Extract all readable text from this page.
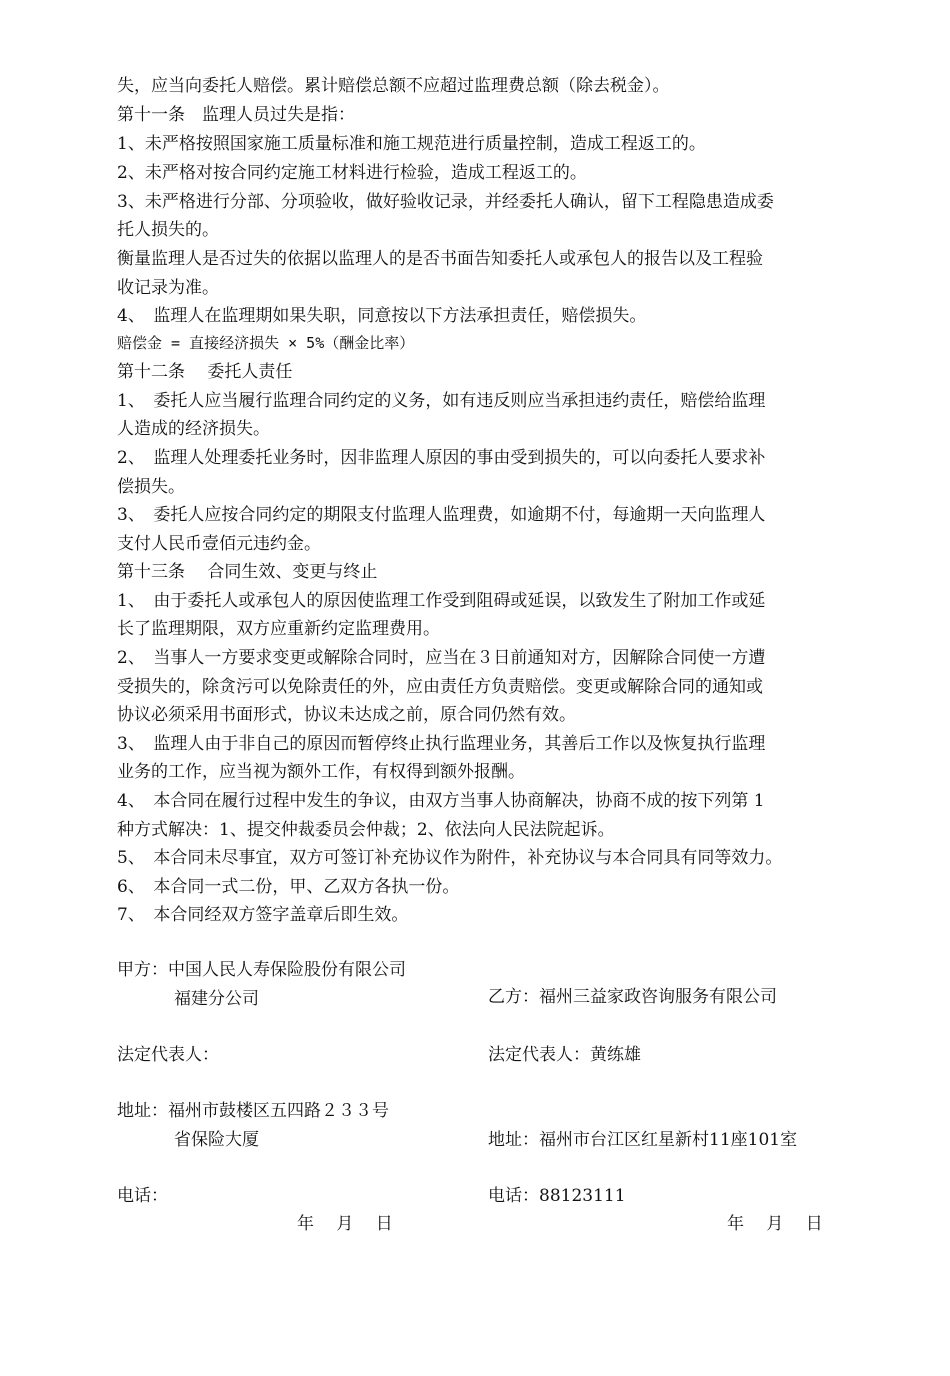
失，应当向委托人赔偿。累计赔偿总额不应超过监理费总额（除去税金）。
第十一条　监理人员过失是指：
1、未严格按照国家施工质量标准和施工规范进行质量控制，造成工程返工的。
2、未严格对按合同约定施工材料进行检验，造成工程返工的。
3、未严格进行分部、分项验收，做好验收记录，并经委托人确认，留下工程隐患造成委
托人损失的。
衡量监理人是否过失的依据以监理人的是否书面告知委托人或承包人的报告以及工程验
收记录为准。
4、　监理人在监理期如果失职，同意按以下方法承担责任，赔偿损失。
赔偿金 = 直接经济损失 × 5%（酬金比率）
第十二条　 委托人责任
1、　委托人应当履行监理合同约定的义务，如有违反则应当承担违约责任，赔偿给监理
人造成的经济损失。
2、　监理人处理委托业务时，因非监理人原因的事由受到损失的，可以向委托人要求补
偿损失。
3、　委托人应按合同约定的期限支付监理人监理费，如逾期不付，每逾期一天向监理人
支付人民币壹佰元违约金。
第十三条　 合同生效、变更与终止
1、　由于委托人或承包人的原因使监理工作受到阻碍或延误，以致发生了附加工作或延
长了监理期限，双方应重新约定监理费用。
2、　当事人一方要求变更或解除合同时，应当在３日前通知对方，因解除合同使一方遭
受损失的，除贪污可以免除责任的外，应由责任方负责赔偿。变更或解除合同的通知或
协议必须采用书面形式，协议未达成之前，原合同仍然有效。
3、　监理人由于非自己的原因而暂停终止执行监理业务，其善后工作以及恢复执行监理
业务的工作，应当视为额外工作，有权得到额外报酬。
4、　本合同在履行过程中发生的争议，由双方当事人协商解决，协商不成的按下列第 1
种方式解决：1、提交仲裁委员会仲裁；2、依法向人民法院起诉。
5、　本合同未尽事宜，双方可签订补充协议作为附件，补充协议与本合同具有同等效力。
6、　本合同一式二份，甲、乙双方各执一份。
7、　本合同经双方签字盖章后即生效。
甲方：中国人民人寿保险股份有限公司
福建分公司
法定代表人：
地址：福州市鼓楼区五四路２３３号
省保险大厦
电话：
年　 月　 日
乙方：福州三益家政咨询服务有限公司
法定代表人：黄练雄
地址：福州市台江区红星新村11座101室
电话：88123111
年　 月　 日
